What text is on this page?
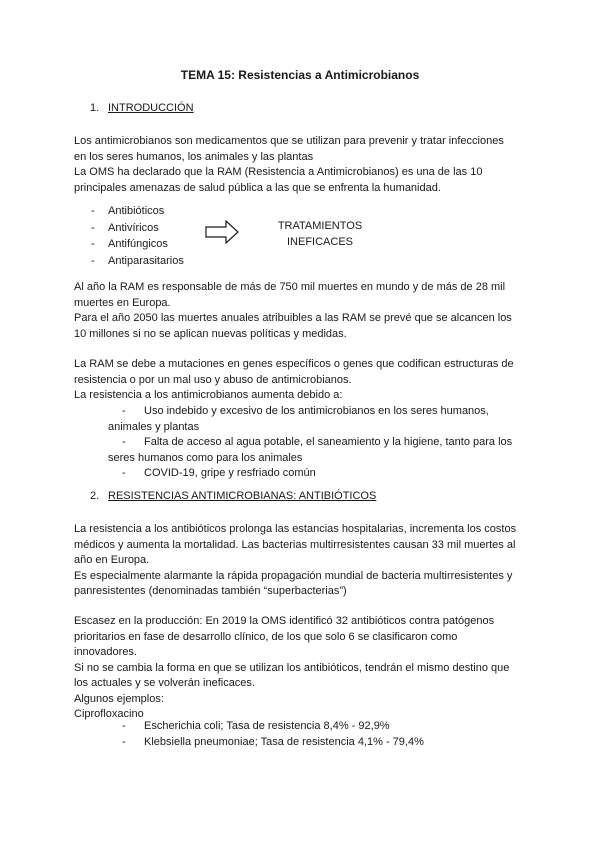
TEMA 15: Resistencias a Antimicrobianos
1. INTRODUCCIÓN
Los antimicrobianos son medicamentos que se utilizan para prevenir y tratar infecciones
en los seres humanos, los animales y las plantas
La OMS ha declarado que la RAM (Resistencia a Antimicrobianos) es una de las 10
principales amenazas de salud pública a las que se enfrenta la humanidad.
- Antibióticos
- Antivíricos
- Antifúngicos
- Antiparasitarios
TRATAMIENTOS
INEFICACES
Al año la RAM es responsable de más de 750 mil muertes en mundo y de más de 28 mil
muertes en Europa.
Para el año 2050 las muertes anuales atribuibles a las RAM se prevé que se alcancen los
10 millones si no se aplican nuevas políticas y medidas.
La RAM se debe a mutaciones en genes específicos o genes que codifican estructuras de
resistencia o por un mal uso y abuso de antimicrobianos.
La resistencia a los antimicrobianos aumenta debido a:
-	Uso indebido y excesivo de los antimicrobianos en los seres humanos,
animales y plantas
-	Falta de acceso al agua potable, el saneamiento y la higiene, tanto para los
seres humanos como para los animales
-	COVID-19, gripe y resfriado común
2. RESISTENCIAS ANTIMICROBIANAS: ANTIBIÓTICOS
La resistencia a los antibióticos prolonga las estancias hospitalarias, incrementa los costos
médicos y aumenta la mortalidad. Las bacterias multirresistentes causan 33 mil muertes al
año en Europa.
Es especialmente alarmante la rápida propagación mundial de bacteria multirresistentes y
panresistentes (denominadas también “superbacterias”)
Escasez en la producción: En 2019 la OMS identificó 32 antibióticos contra patógenos
prioritarios en fase de desarrollo clínico, de los que solo 6 se clasificaron como
innovadores.
Si no se cambia la forma en que se utilizan los antibióticos, tendrán el mismo destino que
los actuales y se volverán ineficaces.
Algunos ejemplos:
Ciprofloxacino
-	Escherichia coli; Tasa de resistencia 8,4% - 92,9%
-	Klebsiella pneumoniae; Tasa de resistencia 4,1% - 79,4%
